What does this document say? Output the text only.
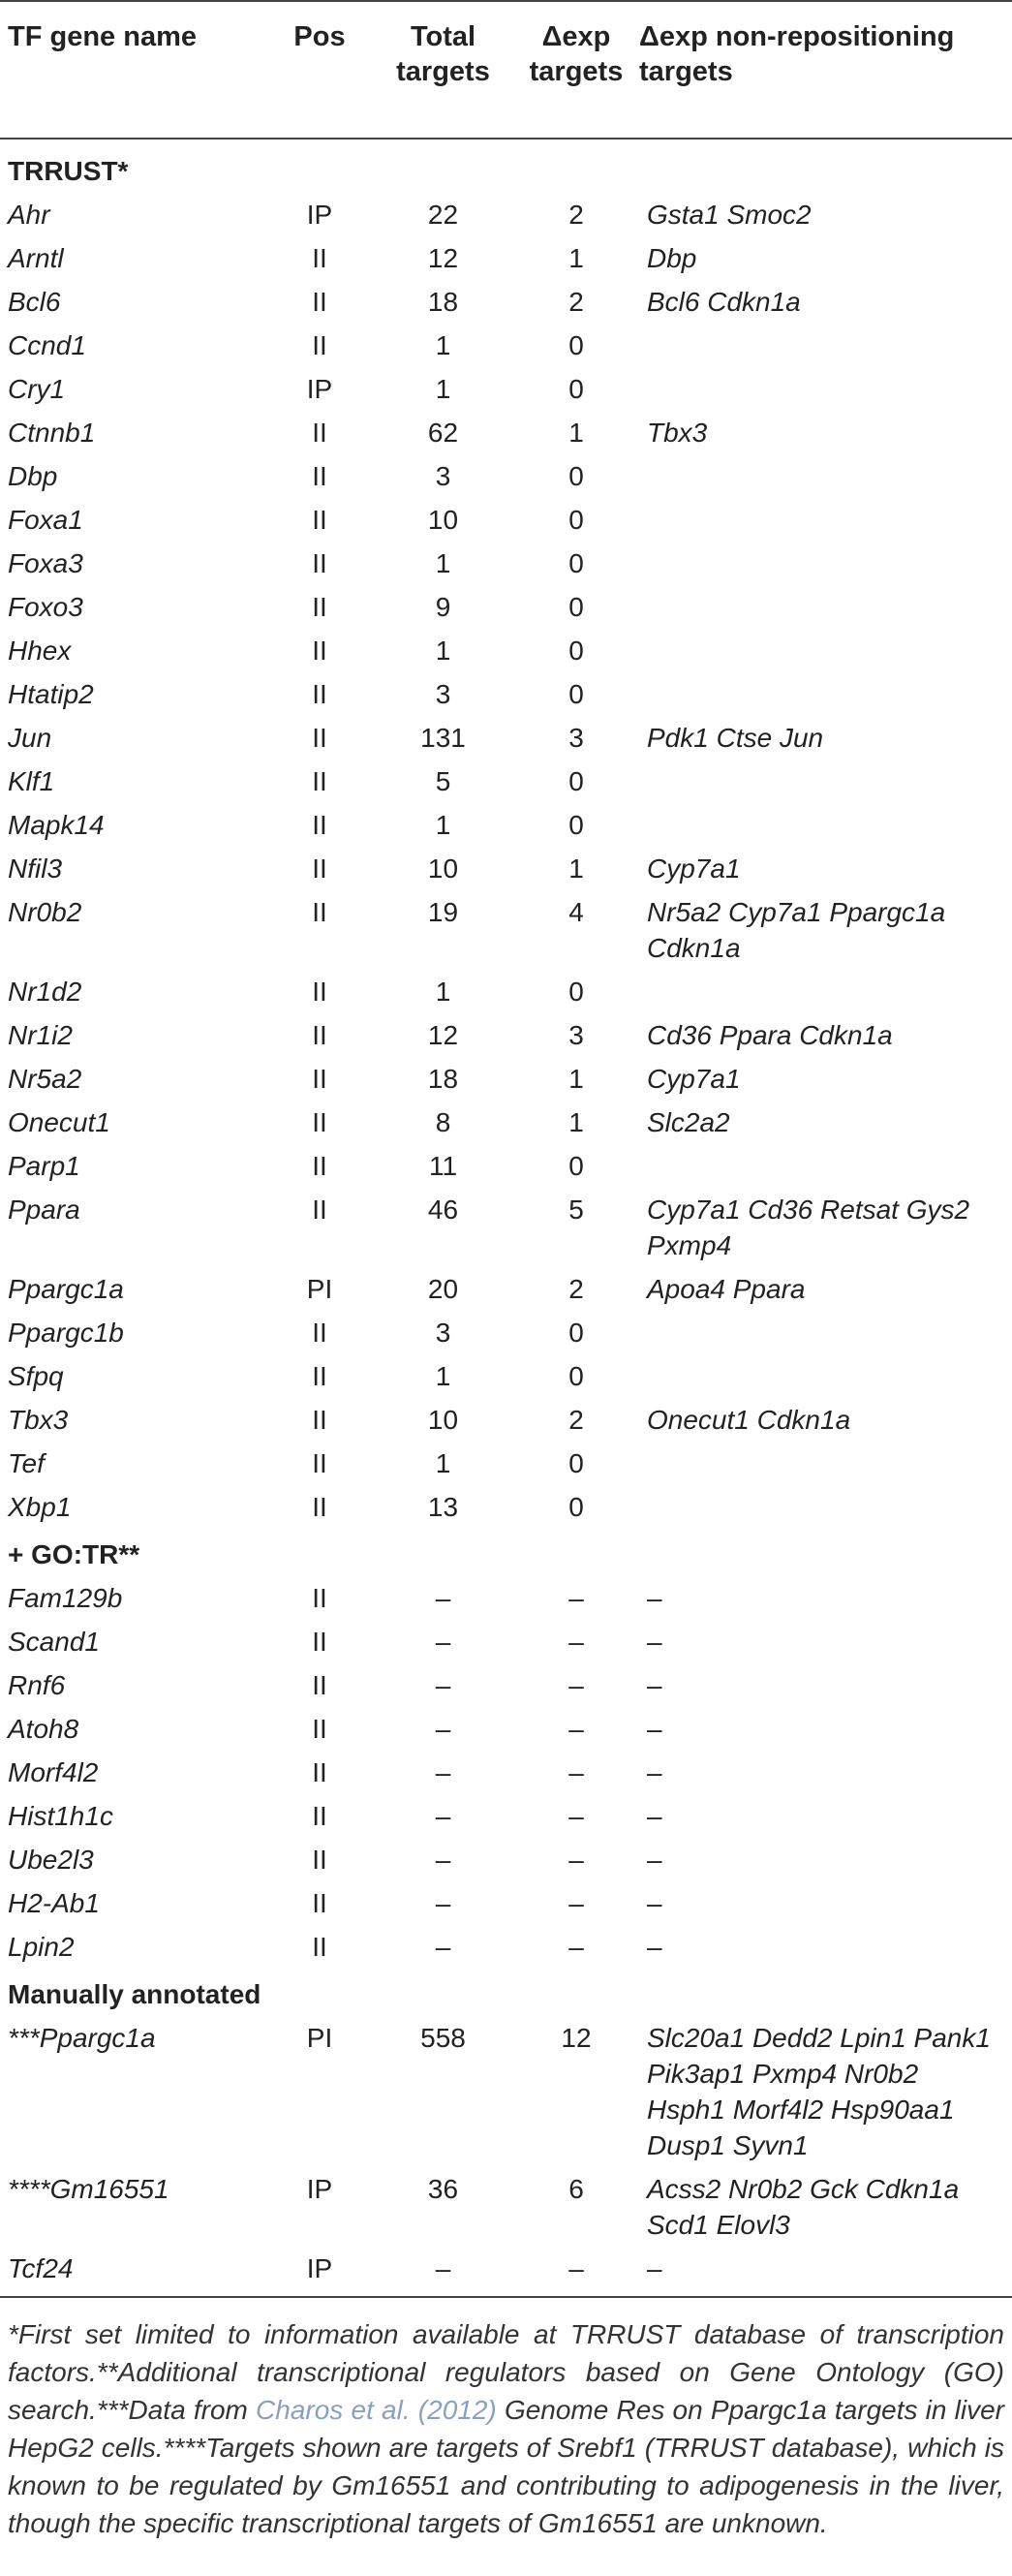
TF gene name	Pos	Total targets	Δexp targets	Δexp non-repositioning targets
TRRUST*				
Ahr	IP	22	2	Gsta1 Smoc2
Arntl	II	12	1	Dbp
Bcl6	II	18	2	Bcl6 Cdkn1a
Ccnd1	II	1	0	
Cry1	IP	1	0	
Ctnnb1	II	62	1	Tbx3
Dbp	II	3	0	
Foxa1	II	10	0	
Foxa3	II	1	0	
Foxo3	II	9	0	
Hhex	II	1	0	
Htatip2	II	3	0	
Jun	II	131	3	Pdk1 Ctse Jun
Klf1	II	5	0	
Mapk14	II	1	0	
Nfil3	II	10	1	Cyp7a1
Nr0b2	II	19	4	Nr5a2 Cyp7a1 Ppargc1a Cdkn1a
Nr1d2	II	1	0	
Nr1i2	II	12	3	Cd36 Ppara Cdkn1a
Nr5a2	II	18	1	Cyp7a1
Onecut1	II	8	1	Slc2a2
Parp1	II	11	0	
Ppara	II	46	5	Cyp7a1 Cd36 Retsat Gys2 Pxmp4
Ppargc1a	PI	20	2	Apoa4 Ppara
Ppargc1b	II	3	0	
Sfpq	II	1	0	
Tbx3	II	10	2	Onecut1 Cdkn1a
Tef	II	1	0	
Xbp1	II	13	0	
+ GO:TR**				
Fam129b	II	–	–	–
Scand1	II	–	–	–
Rnf6	II	–	–	–
Atoh8	II	–	–	–
Morf4l2	II	–	–	–
Hist1h1c	II	–	–	–
Ube2l3	II	–	–	–
H2-Ab1	II	–	–	–
Lpin2	II	–	–	–
Manually annotated				
***Ppargc1a	PI	558	12	Slc20a1 Dedd2 Lpin1 Pank1 Pik3ap1 Pxmp4 Nr0b2 Hsph1 Morf4l2 Hsp90aa1 Dusp1 Syvn1
****Gm16551	IP	36	6	Acss2 Nr0b2 Gck Cdkn1a Scd1 Elovl3
Tcf24	IP	–	–	–
*First set limited to information available at TRRUST database of transcription factors.**Additional transcriptional regulators based on Gene Ontology (GO) search.***Data from Charos et al. (2012) Genome Res on Ppargc1a targets in liver HepG2 cells.****Targets shown are targets of Srebf1 (TRRUST database), which is known to be regulated by Gm16551 and contributing to adipogenesis in the liver, though the specific transcriptional targets of Gm16551 are unknown.
